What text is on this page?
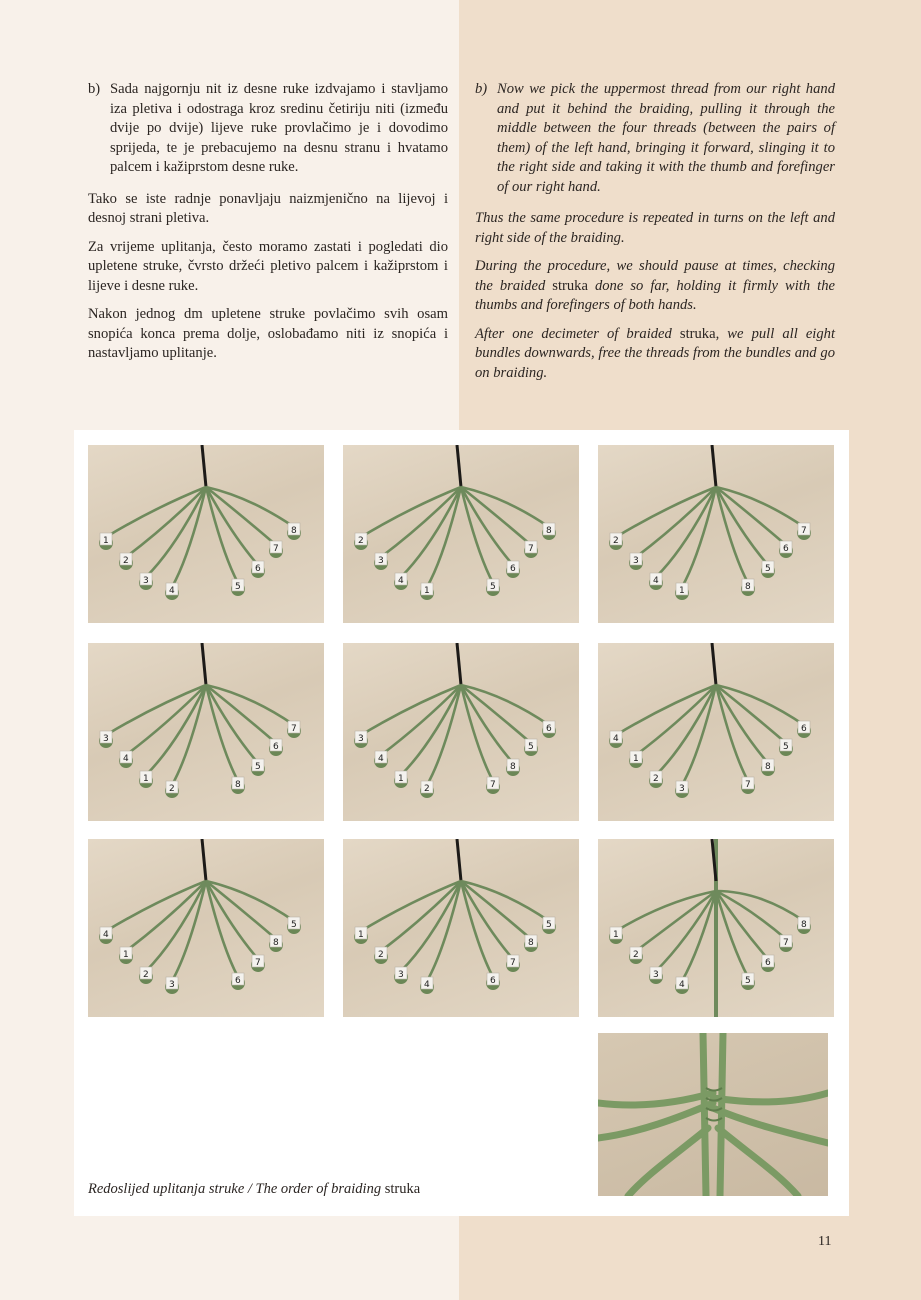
b) Sada najgornju nit iz desne ruke izdvajamo i stavljamo iza pletiva i odostraga kroz sredinu četiriju niti (između dvije po dvije) lijeve ruke provlačimo je i dovodimo sprijeda, te je prebacujemo na desnu stranu i hvatamo palcem i kažiprstom desne ruke.

Tako se iste radnje ponavljaju naizmjenično na lijevoj i desnoj strani pletiva.

Za vrijeme uplitanja, često moramo zastati i pogledati dio upletene struke, čvrsto držeći pletivo palcem i kažiprstom i lijeve i desne ruke.

Nakon jednog dm upletene struke povlačimo svih osam snopića konca prema dolje, oslobađamo niti iz snopića i nastavljamo uplitanje.

b) Now we pick the uppermost thread from our right hand and put it behind the braiding, pulling it through the middle between the four threads (between the pairs of them) of the left hand, bringing it forward, slinging it to the right side and taking it with the thumb and forefinger of our right hand.

Thus the same procedure is repeated in turns on the left and right side of the braiding.

During the procedure, we should pause at times, checking the braided struka done so far, holding it firmly with the thumbs and forefingers of both hands.

After one decimeter of braided struka, we pull all eight bundles downwards, free the threads from the bundles and go on braiding.

1
2
3
4	5
6
7
8
2
3
4
1	5
6
7
8
2
3
4
1	8
5
6
7
3
4
1
2	8
5
6
7
3
4
1
2	7
8
5
6
4
1
2
3	7
8
5
6
4
1
2
3	6
7
8
5
1
2
3
4	6
7
8
5
1
2
3
4	5
6
7
8
Redoslijed uplitanja struke / The order of braiding struka
11
